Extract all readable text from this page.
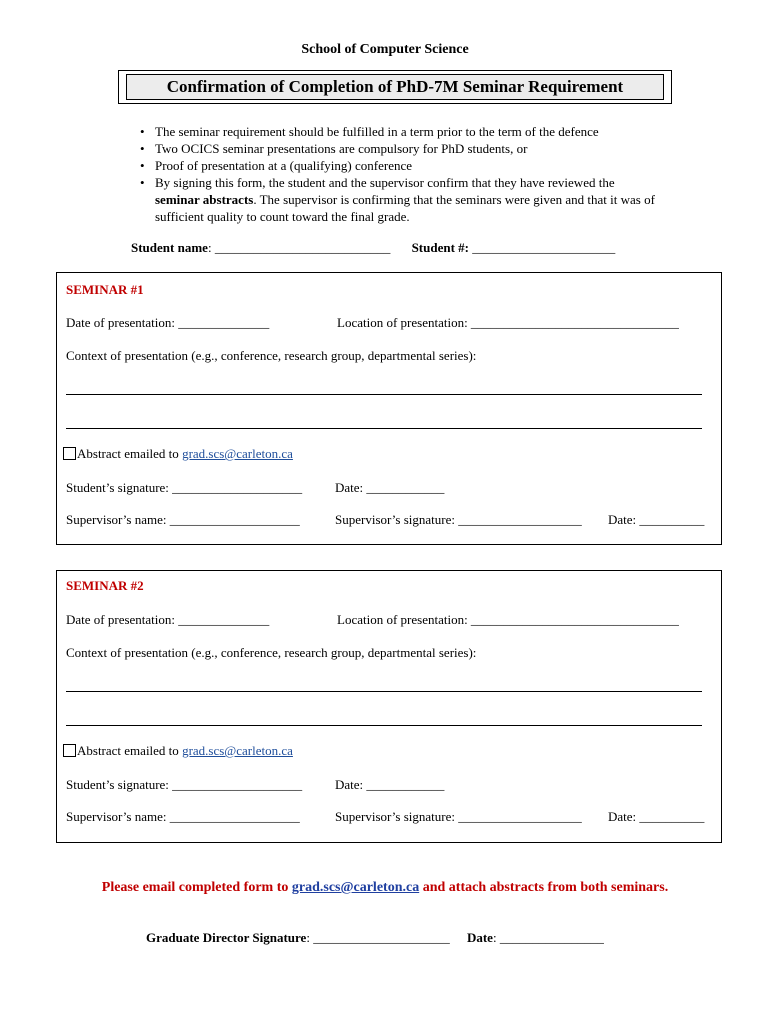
School of Computer Science
Confirmation of Completion of PhD-7M Seminar Requirement
• The seminar requirement should be fulfilled in a term prior to the term of the defence
• Two OCICS seminar presentations are compulsory for PhD students, or
• Proof of presentation at a (qualifying) conference
• By signing this form, the student and the supervisor confirm that they have reviewed the seminar abstracts. The supervisor is confirming that the seminars were given and that it was of sufficient quality to count toward the final grade.
Student name: ___________________________ Student #: ______________________
SEMINAR #1
Date of presentation: ______________	Location of presentation: ________________________________
Context of presentation (e.g., conference, research group, departmental series):
Abstract emailed to grad.scs@carleton.ca
Student’s signature: ____________________	Date: ____________
Supervisor’s name: ____________________	Supervisor’s signature: ___________________ Date: __________
SEMINAR #2
Date of presentation: ______________	Location of presentation: ________________________________
Context of presentation (e.g., conference, research group, departmental series):
Abstract emailed to grad.scs@carleton.ca
Student’s signature: ____________________	Date: ____________
Supervisor’s name: ____________________	Supervisor’s signature: ___________________ Date: __________
Please email completed form to grad.scs@carleton.ca and attach abstracts from both seminars.
Graduate Director Signature: _____________________ Date: ________________
